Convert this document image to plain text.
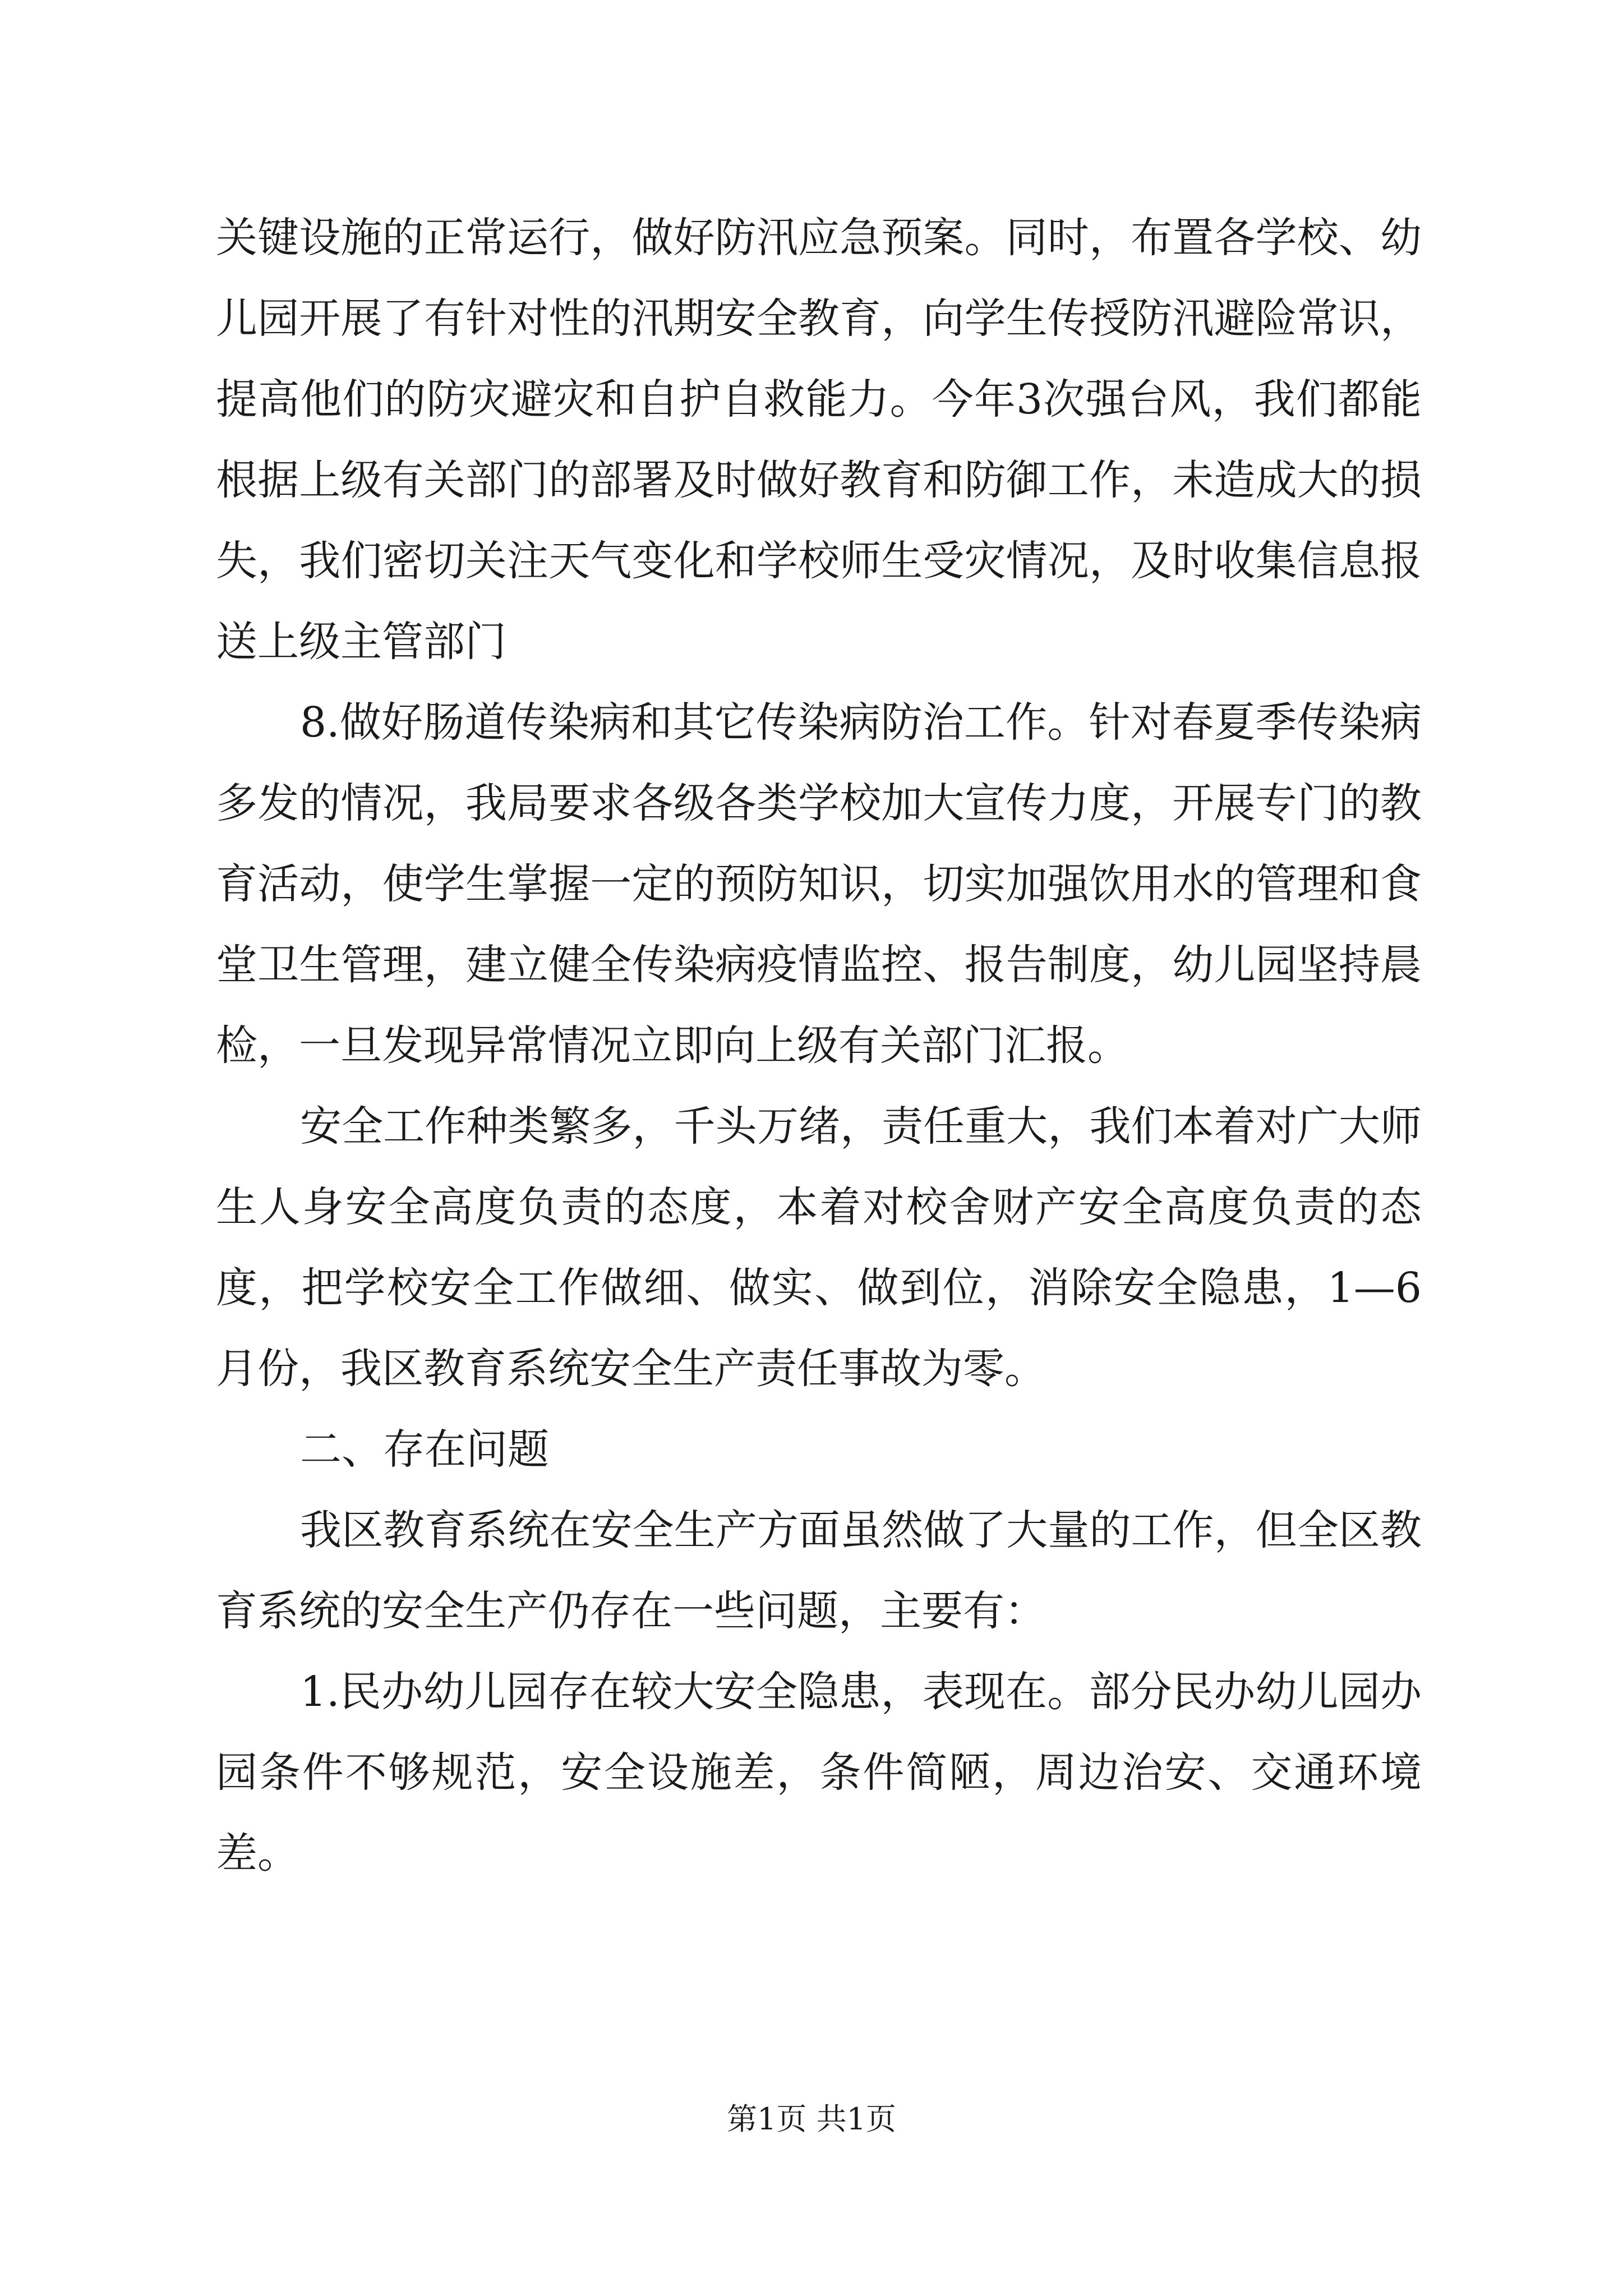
关键设施的正常运行，做好防汛应急预案。同时，布置各学校、幼儿园开展了有针对性的汛期安全教育，向学生传授防汛避险常识，提高他们的防灾避灾和自护自救能力。今年3次强台风，我们都能根据上级有关部门的部署及时做好教育和防御工作，未造成大的损失，我们密切关注天气变化和学校师生受灾情况，及时收集信息报送上级主管部门

8.做好肠道传染病和其它传染病防治工作。针对春夏季传染病多发的情况，我局要求各级各类学校加大宣传力度，开展专门的教育活动，使学生掌握一定的预防知识，切实加强饮用水的管理和食堂卫生管理，建立健全传染病疫情监控、报告制度，幼儿园坚持晨检，一旦发现异常情况立即向上级有关部门汇报。

安全工作种类繁多，千头万绪，责任重大，我们本着对广大师生人身安全高度负责的态度，本着对校舍财产安全高度负责的态度，把学校安全工作做细、做实、做到位，消除安全隐患，1—6月份，我区教育系统安全生产责任事故为零。

二、存在问题

我区教育系统在安全生产方面虽然做了大量的工作，但全区教育系统的安全生产仍存在一些问题，主要有：

1.民办幼儿园存在较大安全隐患，表现在。部分民办幼儿园办园条件不够规范，安全设施差，条件简陋，周边治安、交通环境差。

第1页 共1页
